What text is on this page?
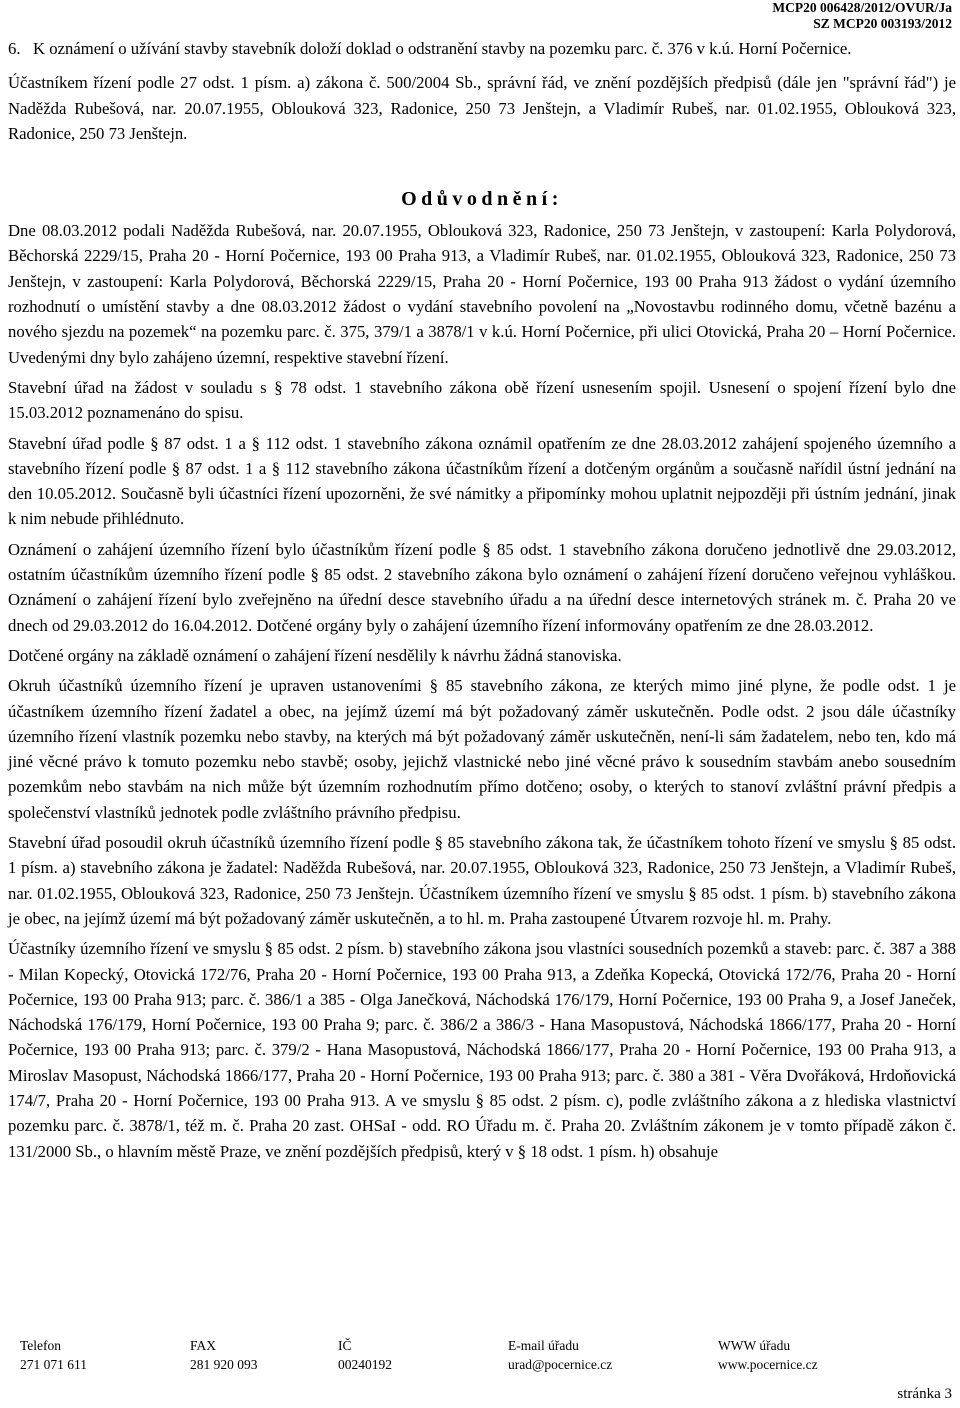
MCP20 006428/2012/OVUR/Ja
SZ MCP20 003193/2012

6.   K oznámení o užívání stavby stavebník doloží doklad o odstranění stavby na pozemku parc. č. 376 v k.ú. Horní Počernice.

Účastníkem řízení podle 27 odst. 1 písm. a) zákona č. 500/2004 Sb., správní řád, ve znění pozdějších předpisů (dále jen "správní řád") je Naděžda Rubešová, nar. 20.07.1955, Oblouková 323, Radonice, 250 73 Jenštejn, a Vladimír Rubeš, nar. 01.02.1955, Oblouková 323, Radonice, 250 73 Jenštejn.

Odůvodnění:

Dne 08.03.2012 podali Naděžda Rubešová, nar. 20.07.1955, Oblouková 323, Radonice, 250 73 Jenštejn, v zastoupení: Karla Polydorová, Běchorská 2229/15, Praha 20 - Horní Počernice, 193 00 Praha 913, a Vladimír Rubeš, nar. 01.02.1955, Oblouková 323, Radonice, 250 73 Jenštejn, v zastoupení: Karla Polydorová, Běchorská 2229/15, Praha 20 - Horní Počernice, 193 00 Praha 913 žádost o vydání územního rozhodnutí o umístění stavby a dne 08.03.2012 žádost o vydání stavebního povolení na „Novostavbu rodinného domu, včetně bazénu a nového sjezdu na pozemek“ na pozemku parc. č. 375, 379/1 a 3878/1 v k.ú. Horní Počernice, při ulici Otovická, Praha 20 – Horní Počernice. Uvedenými dny bylo zahájeno územní, respektive stavební řízení.

Stavební úřad na žádost v souladu s § 78 odst. 1 stavebního zákona obě řízení usnesením spojil. Usnesení o spojení řízení bylo dne 15.03.2012 poznamenáno do spisu.

Stavební úřad podle § 87 odst. 1 a § 112 odst. 1 stavebního zákona oznámil opatřením ze dne 28.03.2012 zahájení spojeného územního a stavebního řízení podle § 87 odst. 1 a § 112 stavebního zákona účastníkům řízení a dotčeným orgánům a současně nařídil ústní jednání na den 10.05.2012. Současně byli účastníci řízení upozorněni, že své námitky a připomínky mohou uplatnit nejpozději při ústním jednání, jinak k nim nebude přihlédnuto.

Oznámení o zahájení územního řízení bylo účastníkům řízení podle § 85 odst. 1 stavebního zákona doručeno jednotlivě dne 29.03.2012, ostatním účastníkům územního řízení podle § 85 odst. 2 stavebního zákona bylo oznámení o zahájení řízení doručeno veřejnou vyhláškou. Oznámení o zahájení řízení bylo zveřejněno na úřední desce stavebního úřadu a na úřední desce internetových stránek m. č. Praha 20 ve dnech od 29.03.2012 do 16.04.2012. Dotčené orgány byly o zahájení územního řízení informovány opatřením ze dne 28.03.2012.

Dotčené orgány na základě oznámení o zahájení řízení nesdělily k návrhu žádná stanoviska.

Okruh účastníků územního řízení je upraven ustanoveními § 85 stavebního zákona, ze kterých mimo jiné plyne, že podle odst. 1 je účastníkem územního řízení žadatel a obec, na jejímž území má být požadovaný záměr uskutečněn. Podle odst. 2 jsou dále účastníky územního řízení vlastník pozemku nebo stavby, na kterých má být požadovaný záměr uskutečněn, není-li sám žadatelem, nebo ten, kdo má jiné věcné právo k tomuto pozemku nebo stavbě; osoby, jejichž vlastnické nebo jiné věcné právo k sousedním stavbám anebo sousedním pozemkům nebo stavbám na nich může být územním rozhodnutím přímo dotčeno; osoby, o kterých to stanoví zvláštní právní předpis a společenství vlastníků jednotek podle zvláštního právního předpisu.

Stavební úřad posoudil okruh účastníků územního řízení podle § 85 stavebního zákona tak, že účastníkem tohoto řízení ve smyslu § 85 odst. 1 písm. a) stavebního zákona je žadatel: Naděžda Rubešová, nar. 20.07.1955, Oblouková 323, Radonice, 250 73 Jenštejn, a Vladimír Rubeš, nar. 01.02.1955, Oblouková 323, Radonice, 250 73 Jenštejn. Účastníkem územního řízení ve smyslu § 85 odst. 1 písm. b) stavebního zákona je obec, na jejímž území má být požadovaný záměr uskutečněn, a to hl. m. Praha zastoupené Útvarem rozvoje hl. m. Prahy.

Účastníky územního řízení ve smyslu § 85 odst. 2 písm. b) stavebního zákona jsou vlastníci sousedních pozemků a staveb: parc. č. 387 a 388 - Milan Kopecký, Otovická 172/76, Praha 20 - Horní Počernice, 193 00 Praha 913, a Zdeňka Kopecká, Otovická 172/76, Praha 20 - Horní Počernice, 193 00 Praha 913; parc. č. 386/1 a 385 - Olga Janečková, Náchodská 176/179, Horní Počernice, 193 00 Praha 9, a Josef Janeček, Náchodská 176/179, Horní Počernice, 193 00 Praha 9; parc. č. 386/2 a 386/3 - Hana Masopustová, Náchodská 1866/177, Praha 20 - Horní Počernice, 193 00 Praha 913; parc. č. 379/2 - Hana Masopustová, Náchodská 1866/177, Praha 20 - Horní Počernice, 193 00 Praha 913, a Miroslav Masopust, Náchodská 1866/177, Praha 20 - Horní Počernice, 193 00 Praha 913; parc. č. 380 a 381 - Věra Dvořáková, Hrdoňovická 174/7, Praha 20 - Horní Počernice, 193 00 Praha 913. A ve smyslu § 85 odst. 2 písm. c), podle zvláštního zákona a z hlediska vlastnictví pozemku parc. č. 3878/1, též m. č. Praha 20 zast. OHSaI - odd. RO Úřadu m. č. Praha 20. Zvláštním zákonem je v tomto případě zákon č. 131/2000 Sb., o hlavním městě Praze, ve znění pozdějších předpisů, který v § 18 odst. 1 písm. h) obsahuje

Telefon
271 071 611
FAX
281 920 093
IČ
00240192
E-mail úřadu
urad@pocernice.cz
WWW úřadu
www.pocernice.cz
stránka 3
